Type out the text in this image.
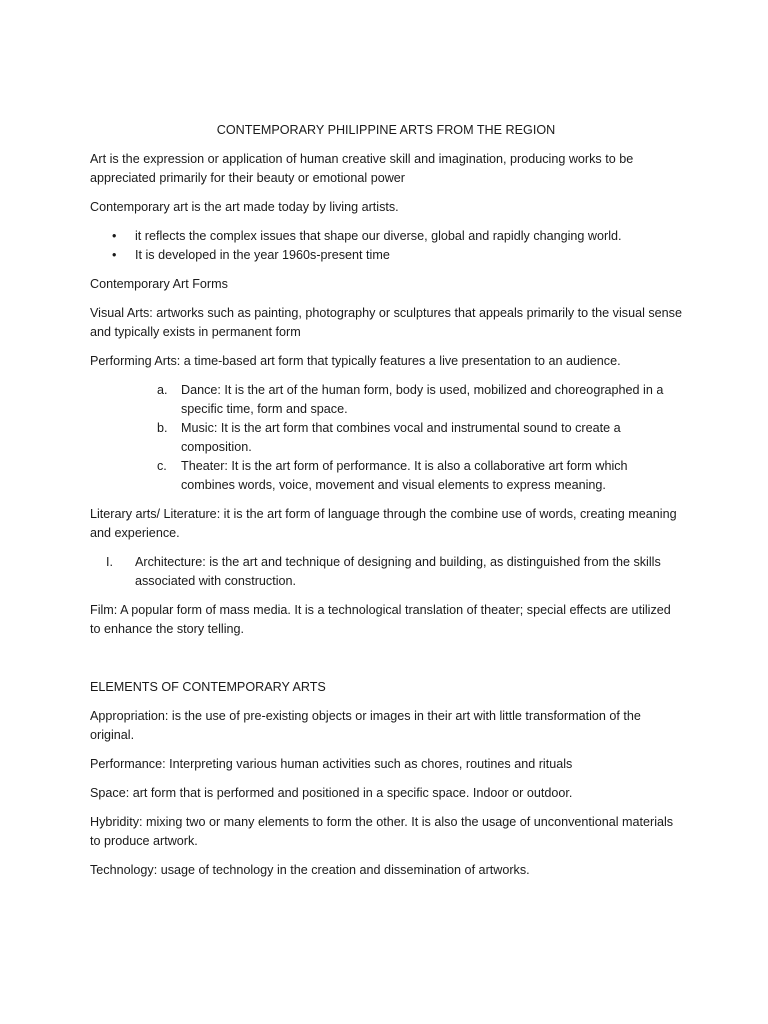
CONTEMPORARY PHILIPPINE ARTS FROM THE REGION

Art is the expression or application of human creative skill and imagination, producing works to be appreciated primarily for their beauty or emotional power

Contemporary art is the art made today by living artists.

• it reflects the complex issues that shape our diverse, global and rapidly changing world.
• It is developed in the year 1960s-present time

Contemporary Art Forms

Visual Arts: artworks such as painting, photography or sculptures that appeals primarily to the visual sense and typically exists in permanent form

Performing Arts: a time-based art form that typically features a live presentation to an audience.

a. Dance: It is the art of the human form, body is used, mobilized and choreographed in a specific time, form and space.
b. Music: It is the art form that combines vocal and instrumental sound to create a composition.
c. Theater: It is the art form of performance. It is also a collaborative art form which combines words, voice, movement and visual elements to express meaning.

Literary arts/ Literature: it is the art form of language through the combine use of words, creating meaning and experience.

I. Architecture: is the art and technique of designing and building, as distinguished from the skills associated with construction.

Film: A popular form of mass media. It is a technological translation of theater; special effects are utilized to enhance the story telling.

ELEMENTS OF CONTEMPORARY ARTS

Appropriation: is the use of pre-existing objects or images in their art with little transformation of the original.

Performance: Interpreting various human activities such as chores, routines and rituals

Space: art form that is performed and positioned in a specific space. Indoor or outdoor.

Hybridity: mixing two or many elements to form the other. It is also the usage of unconventional materials to produce artwork.

Technology: usage of technology in the creation and dissemination of artworks.
